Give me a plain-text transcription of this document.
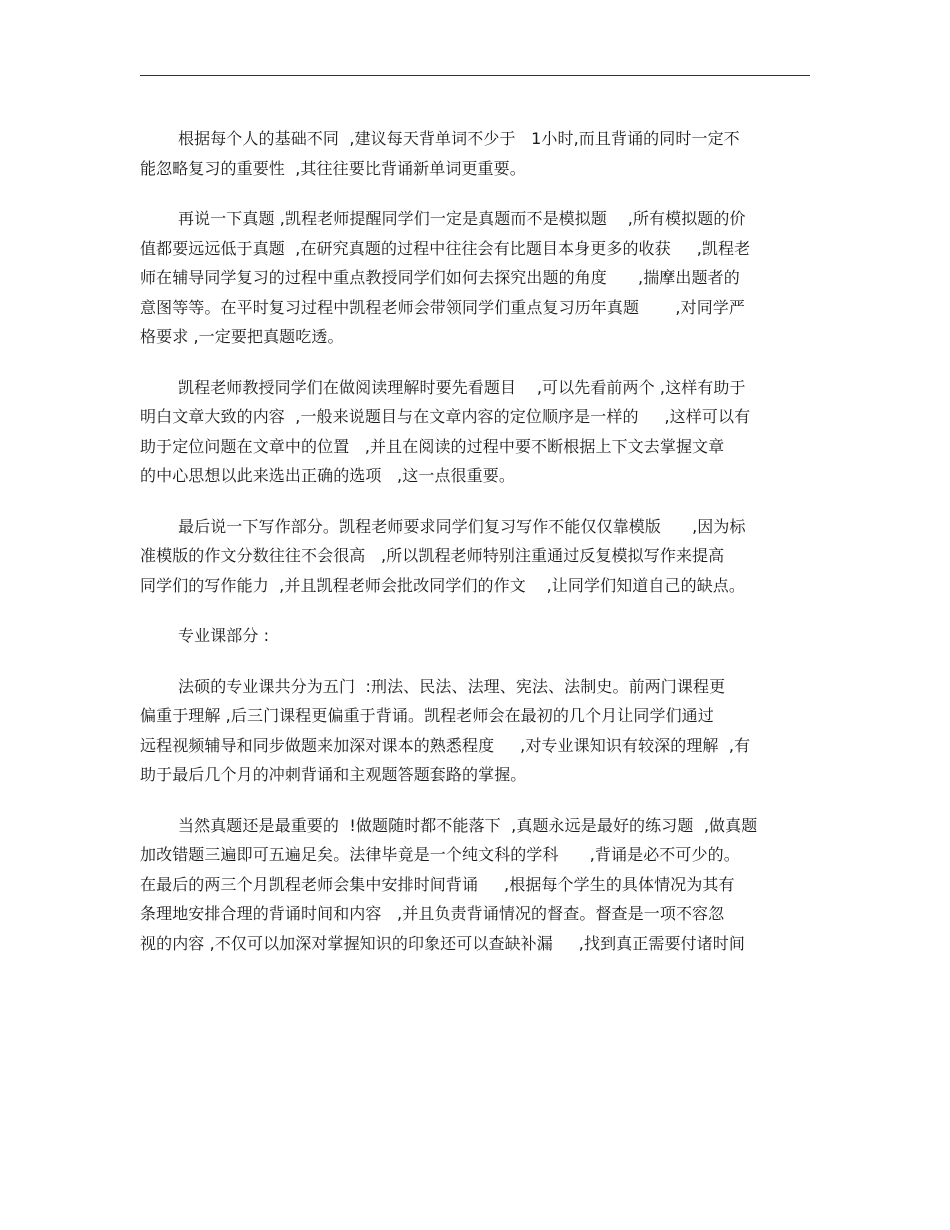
根据每个人的基础不同  ,建议每天背单词不少于   1小时,而且背诵的同时一定不
能忽略复习的重要性  ,其往往要比背诵新单词更重要。
再说一下真题 ,凯程老师提醒同学们一定是真题而不是模拟题    ,所有模拟题的价
值都要远远低于真题  ,在研究真题的过程中往往会有比题目本身更多的收获     ,凯程老
师在辅导同学复习的过程中重点教授同学们如何去探究出题的角度      ,揣摩出题者的
意图等等。在平时复习过程中凯程老师会带领同学们重点复习历年真题       ,对同学严
格要求 ,一定要把真题吃透。
凯程老师教授同学们在做阅读理解时要先看题目    ,可以先看前两个 ,这样有助于
明白文章大致的内容  ,一般来说题目与在文章内容的定位顺序是一样的     ,这样可以有
助于定位问题在文章中的位置   ,并且在阅读的过程中要不断根据上下文去掌握文章
的中心思想以此来选出正确的选项   ,这一点很重要。
最后说一下写作部分。凯程老师要求同学们复习写作不能仅仅靠模版      ,因为标
准模版的作文分数往往不会很高   ,所以凯程老师特别注重通过反复模拟写作来提高
同学们的写作能力  ,并且凯程老师会批改同学们的作文    ,让同学们知道自己的缺点。
专业课部分 :
法硕的专业课共分为五门  :刑法、民法、法理、宪法、法制史。前两门课程更
偏重于理解 ,后三门课程更偏重于背诵。凯程老师会在最初的几个月让同学们通过
远程视频辅导和同步做题来加深对课本的熟悉程度     ,对专业课知识有较深的理解  ,有
助于最后几个月的冲刺背诵和主观题答题套路的掌握。
当然真题还是最重要的  !做题随时都不能落下  ,真题永远是最好的练习题  ,做真题
加改错题三遍即可五遍足矣。法律毕竟是一个纯文科的学科      ,背诵是必不可少的。
在最后的两三个月凯程老师会集中安排时间背诵     ,根据每个学生的具体情况为其有
条理地安排合理的背诵时间和内容   ,并且负责背诵情况的督查。督查是一项不容忽
视的内容 ,不仅可以加深对掌握知识的印象还可以查缺补漏     ,找到真正需要付诸时间
